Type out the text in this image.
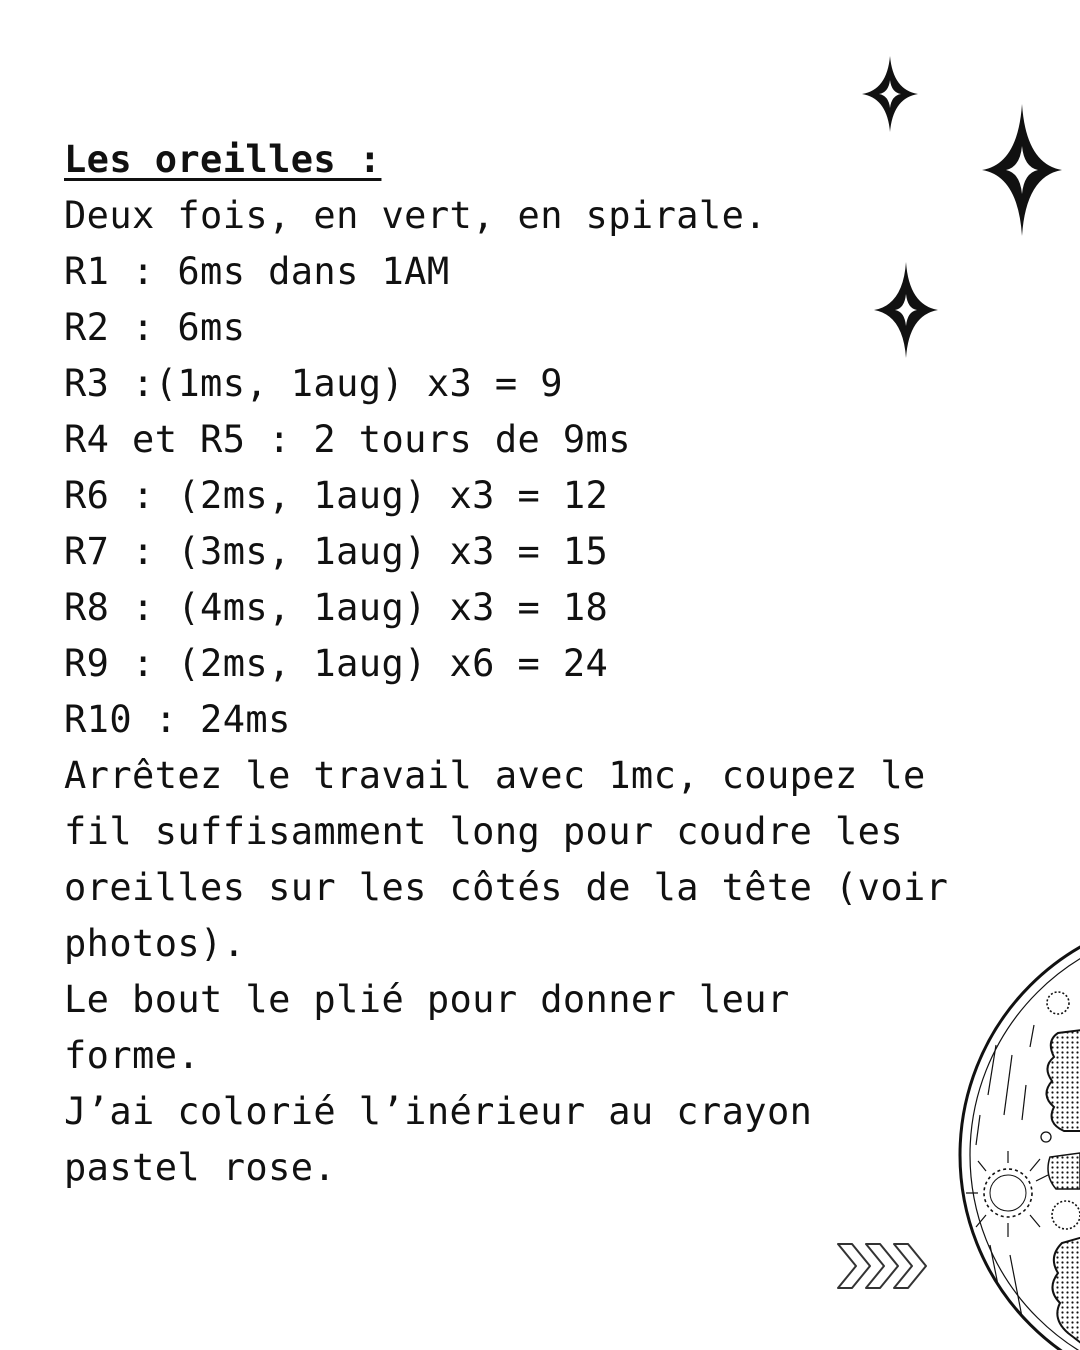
Les oreilles :
Deux fois, en vert, en spirale.
R1 : 6ms dans 1AM
R2 : 6ms
R3 :(1ms, 1aug) x3 = 9
R4 et R5 : 2 tours de 9ms
R6 : (2ms, 1aug) x3 = 12
R7 : (3ms, 1aug) x3 = 15
R8 : (4ms, 1aug) x3 = 18
R9 : (2ms, 1aug) x6 = 24
R10 : 24ms
Arrêtez le travail avec 1mc, coupez le fil suffisamment long pour coudre les oreilles sur les côtés de la tête (voir photos).
Le bout le plié pour donner leur forme.
J’ai colorié l’inérieur au crayon pastel rose.
